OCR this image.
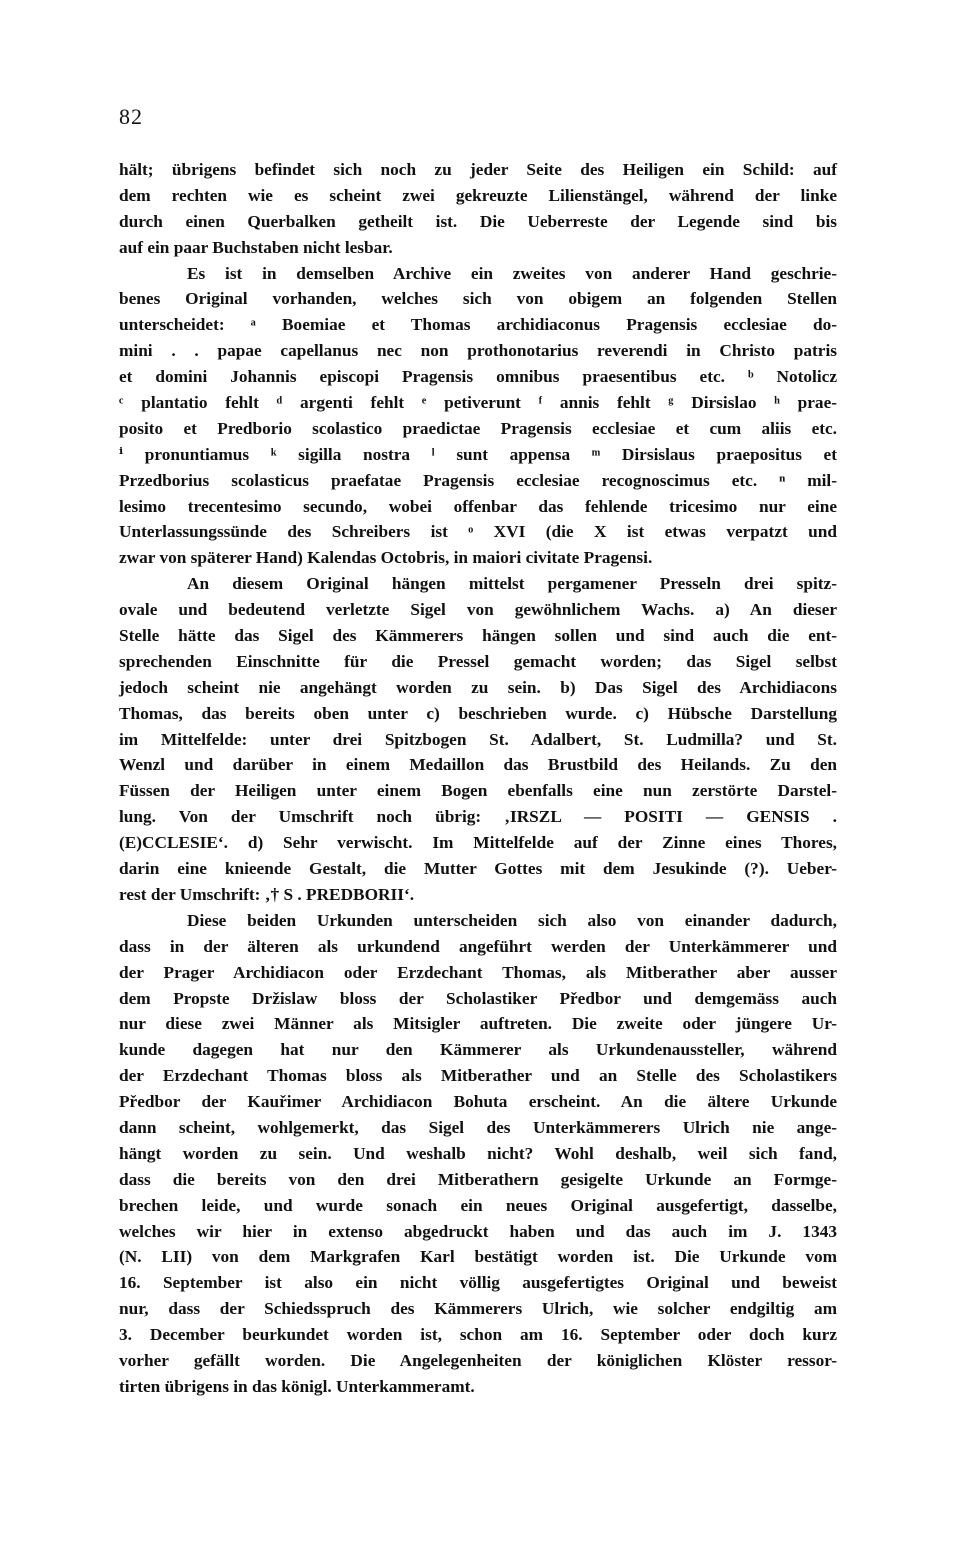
82
hält; übrigens befindet sich noch zu jeder Seite des Heiligen ein Schild: auf
dem rechten wie es scheint zwei gekreuzte Lilienstängel, während der linke
durch einen Querbalken getheilt ist. Die Ueberreste der Legende sind bis
auf ein paar Buchstaben nicht lesbar.
Es ist in demselben Archive ein zweites von anderer Hand geschrie-
benes Original vorhanden, welches sich von obigem an folgenden Stellen
unterscheidet: ᵃ Boemiae et Thomas archidiaconus Pragensis ecclesiae do-
mini . . papae capellanus nec non prothonotarius reverendi in Christo patris
et domini Johannis episcopi Pragensis omnibus praesentibus etc. ᵇ Notolicz
ᶜ plantatio fehlt ᵈ argenti fehlt ᵉ petiverunt ᶠ annis fehlt ᵍ Dirsislao ʰ prae-
posito et Predborio scolastico praedictae Pragensis ecclesiae et cum aliis etc.
ⁱ pronuntiamus ᵏ sigilla nostra ˡ sunt appensa ᵐ Dirsislaus praepositus et
Przedborius scolasticus praefatae Pragensis ecclesiae recognoscimus etc. ⁿ mil-
lesimo trecentesimo secundo, wobei offenbar das fehlende tricesimo nur eine
Unterlassungssünde des Schreibers ist ᵒ XVI (die X ist etwas verpatzt und
zwar von späterer Hand) Kalendas Octobris, in maiori civitate Pragensi.
An diesem Original hängen mittelst pergamener Presseln drei spitz-
ovale und bedeutend verletzte Sigel von gewöhnlichem Wachs. a) An dieser
Stelle hätte das Sigel des Kämmerers hängen sollen und sind auch die ent-
sprechenden Einschnitte für die Pressel gemacht worden; das Sigel selbst
jedoch scheint nie angehängt worden zu sein. b) Das Sigel des Archidiacons
Thomas, das bereits oben unter c) beschrieben wurde. c) Hübsche Darstellung
im Mittelfelde: unter drei Spitzbogen St. Adalbert, St. Ludmilla? und St.
Wenzl und darüber in einem Medaillon das Brustbild des Heilands. Zu den
Füssen der Heiligen unter einem Bogen ebenfalls eine nun zerstörte Darstel-
lung. Von der Umschrift noch übrig: ‚IRSZL — POSITI — GENSIS .
(E)CCLESIE‘. d) Sehr verwischt. Im Mittelfelde auf der Zinne eines Thores,
darin eine knieende Gestalt, die Mutter Gottes mit dem Jesukinde (?). Ueber-
rest der Umschrift: ‚† S . PREDBORII‘.
Diese beiden Urkunden unterscheiden sich also von einander dadurch,
dass in der älteren als urkundend angeführt werden der Unterkämmerer und
der Prager Archidiacon oder Erzdechant Thomas, als Mitberather aber ausser
dem Propste Držislaw bloss der Scholastiker Předbor und demgemäss auch
nur diese zwei Männer als Mitsigler auftreten. Die zweite oder jüngere Ur-
kunde dagegen hat nur den Kämmerer als Urkundenaussteller, während
der Erzdechant Thomas bloss als Mitberather und an Stelle des Scholastikers
Předbor der Kauřimer Archidiacon Bohuta erscheint. An die ältere Urkunde
dann scheint, wohlgemerkt, das Sigel des Unterkämmerers Ulrich nie ange-
hängt worden zu sein. Und weshalb nicht? Wohl deshalb, weil sich fand,
dass die bereits von den drei Mitberathern gesigelte Urkunde an Formge-
brechen leide, und wurde sonach ein neues Original ausgefertigt, dasselbe,
welches wir hier in extenso abgedruckt haben und das auch im J. 1343
(N. LII) von dem Markgrafen Karl bestätigt worden ist. Die Urkunde vom
16. September ist also ein nicht völlig ausgefertigtes Original und beweist
nur, dass der Schiedsspruch des Kämmerers Ulrich, wie solcher endgiltig am
3. December beurkundet worden ist, schon am 16. September oder doch kurz
vorher gefällt worden. Die Angelegenheiten der königlichen Klöster ressor-
tirten übrigens in das königl. Unterkammeramt.
